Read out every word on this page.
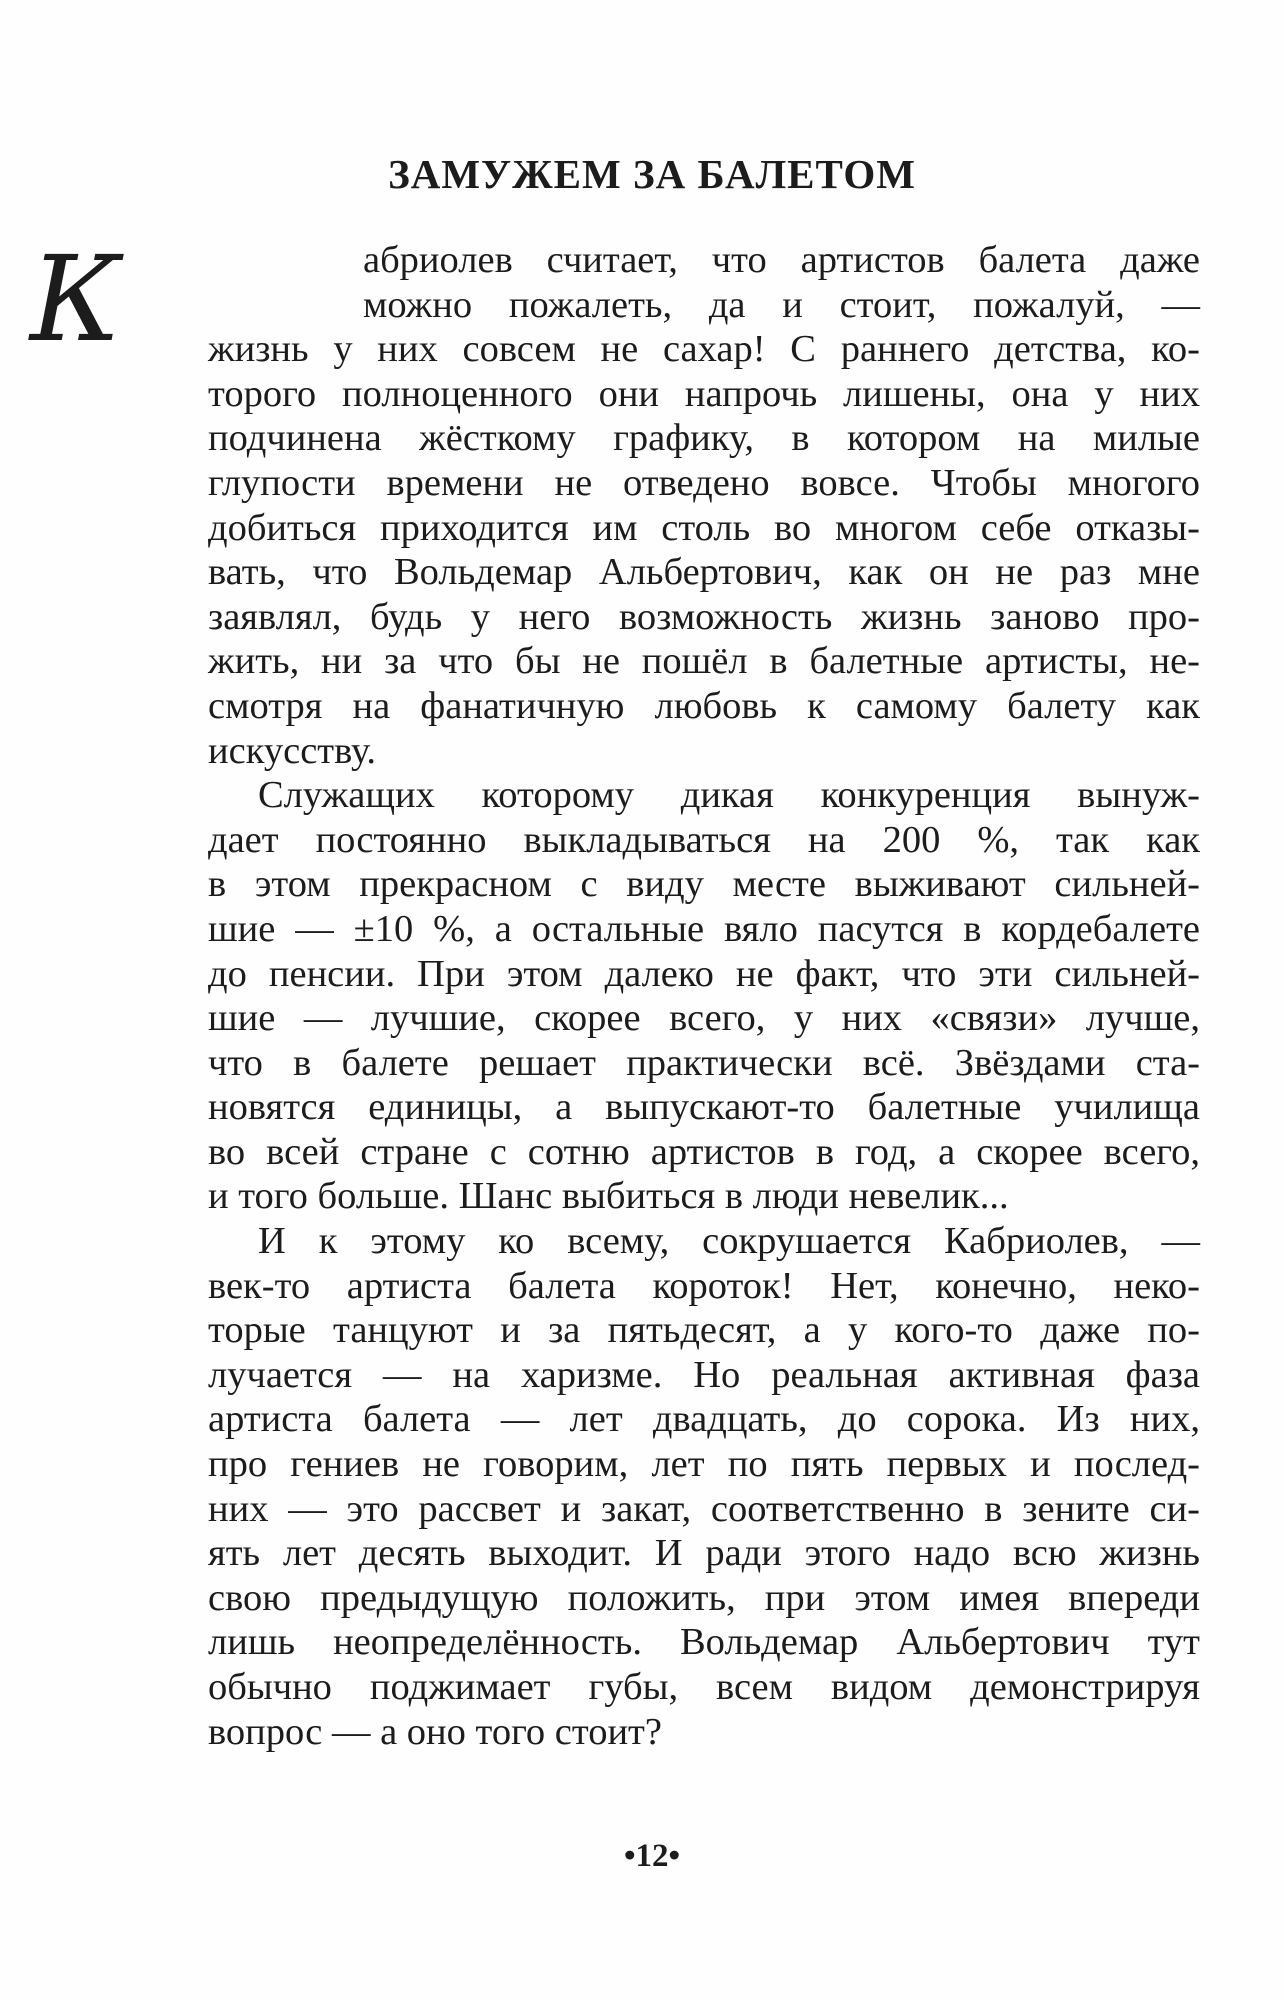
ЗАМУЖЕМ ЗА БАЛЕТОМ
К	абриолев считает, что артистов балета даже
можно пожалеть, да и стоит, пожалуй, —
жизнь у них совсем не сахар! С раннего детства, ко-
торого полноценного они напрочь лишены, она у них
подчинена жёсткому графику, в котором на милые
глупости времени не отведено вовсе. Чтобы многого
добиться приходится им столь во многом себе отказы-
вать, что Вольдемар Альбертович, как он не раз мне
заявлял, будь у него возможность жизнь заново про-
жить, ни за что бы не пошёл в балетные артисты, не-
смотря на фанатичную любовь к самому балету как
искусству.
Служащих которому дикая конкуренция вынуж-
дает постоянно выкладываться на 200 %, так как
в этом прекрасном с виду месте выживают сильней-
шие — ±10 %, а остальные вяло пасутся в кордебалете
до пенсии. При этом далеко не факт, что эти сильней-
шие — лучшие, скорее всего, у них «связи» лучше,
что в балете решает практически всё. Звёздами ста-
новятся единицы, а выпускают-то балетные училища
во всей стране с сотню артистов в год, а скорее всего,
и того больше. Шанс выбиться в люди невелик...
И к этому ко всему, сокрушается Кабриолев, —
век-то артиста балета короток! Нет, конечно, неко-
торые танцуют и за пятьдесят, а у кого-то даже по-
лучается — на харизме. Но реальная активная фаза
артиста балета — лет двадцать, до сорока. Из них,
про гениев не говорим, лет по пять первых и послед-
них — это рассвет и закат, соответственно в зените си-
ять лет десять выходит. И ради этого надо всю жизнь
свою предыдущую положить, при этом имея впереди
лишь неопределённость. Вольдемар Альбертович тут
обычно поджимает губы, всем видом демонстрируя
вопрос — а оно того стоит?
•12•
